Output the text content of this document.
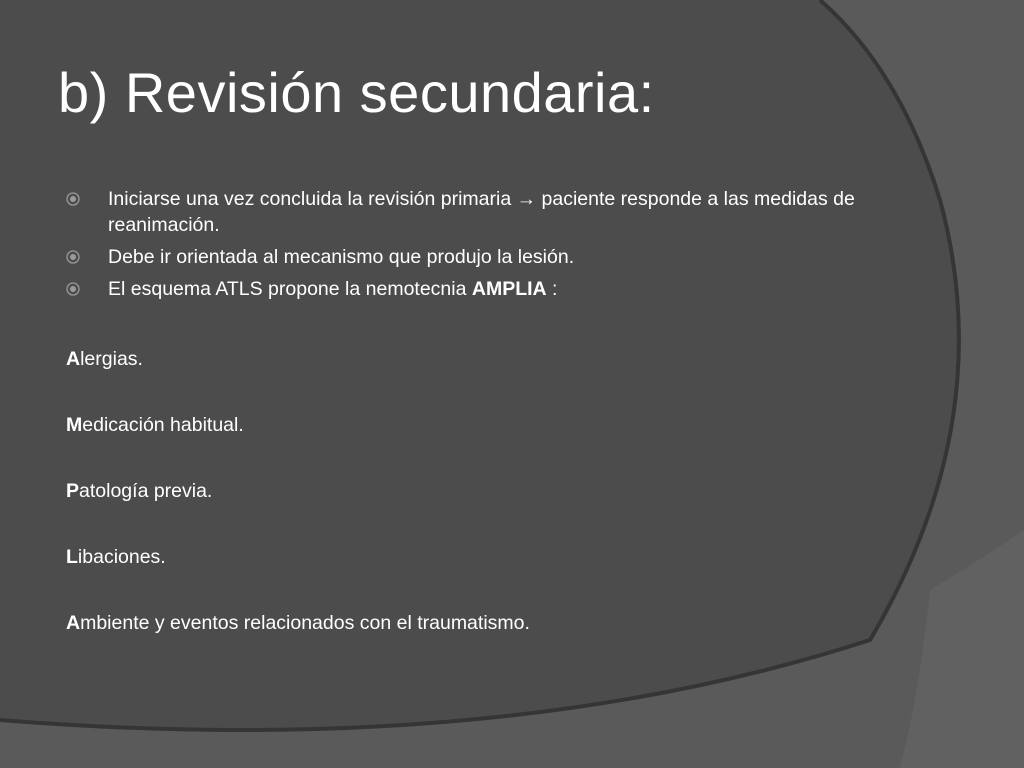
b) Revisión secundaria:
Iniciarse una vez concluida la revisión primaria → paciente responde a las medidas de reanimación.
Debe ir orientada al mecanismo que produjo la lesión.
El esquema ATLS propone la nemotecnia AMPLIA :
Alergias.
Medicación habitual.
Patología previa.
Libaciones.
Ambiente y eventos relacionados con el traumatismo.
